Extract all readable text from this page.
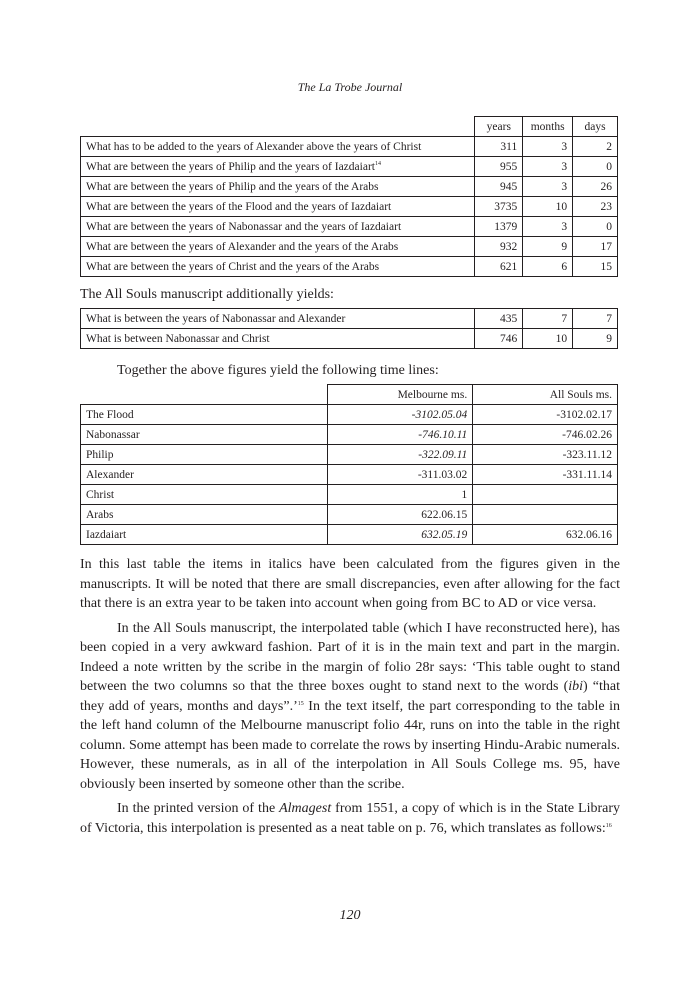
The La Trobe Journal
	years	months	days
What has to be added to the years of Alexander above the years of Christ	311	3	2
What are between the years of Philip and the years of Iazdaiart$^{14}$	955	3	0
What are between the years of Philip and the years of the Arabs	945	3	26
What are between the years of the Flood and the years of Iazdaiart	3735	10	23
What are between the years of Nabonassar and the years of Iazdaiart	1379	3	0
What are between the years of Alexander and the years of the Arabs	932	9	17
What are between the years of Christ and the years of the Arabs	621	6	15
The All Souls manuscript additionally yields:
What is between the years of Nabonassar and Alexander	435	7	7
What is between Nabonassar and Christ	746	10	9
Together the above figures yield the following time lines:
	Melbourne ms.	All Souls ms.
The Flood	-3102.05.04	-3102.02.17
Nabonassar	-746.10.11	-746.02.26
Philip	-322.09.11	-323.11.12
Alexander	-311.03.02	-331.11.14
Christ	1	
Arabs	622.06.15	
Iazdaiart	632.05.19	632.06.16

In this last table the items in italics have been calculated from the figures given in the manuscripts. It will be noted that there are small discrepancies, even after allowing for the fact that there is an extra year to be taken into account when going from BC to AD or vice versa.

In the All Souls manuscript, the interpolated table (which I have reconstructed here), has been copied in a very awkward fashion. Part of it is in the main text and part in the margin. Indeed a note written by the scribe in the margin of folio 28r says: ‘This table ought to stand between the two columns so that the three boxes ought to stand next to the words (ibi) “that they add of years, months and days”.’$^{15}$ In the text itself, the part corresponding to the table in the left hand column of the Melbourne manuscript folio 44r, runs on into the table in the right column. Some attempt has been made to correlate the rows by inserting Hindu-Arabic numerals. However, these numerals, as in all of the interpolation in All Souls College ms. 95, have obviously been inserted by someone other than the scribe.

In the printed version of the Almagest from 1551, a copy of which is in the State Library of Victoria, this interpolation is presented as a neat table on p. 76, which translates as follows:$^{16}$

120
